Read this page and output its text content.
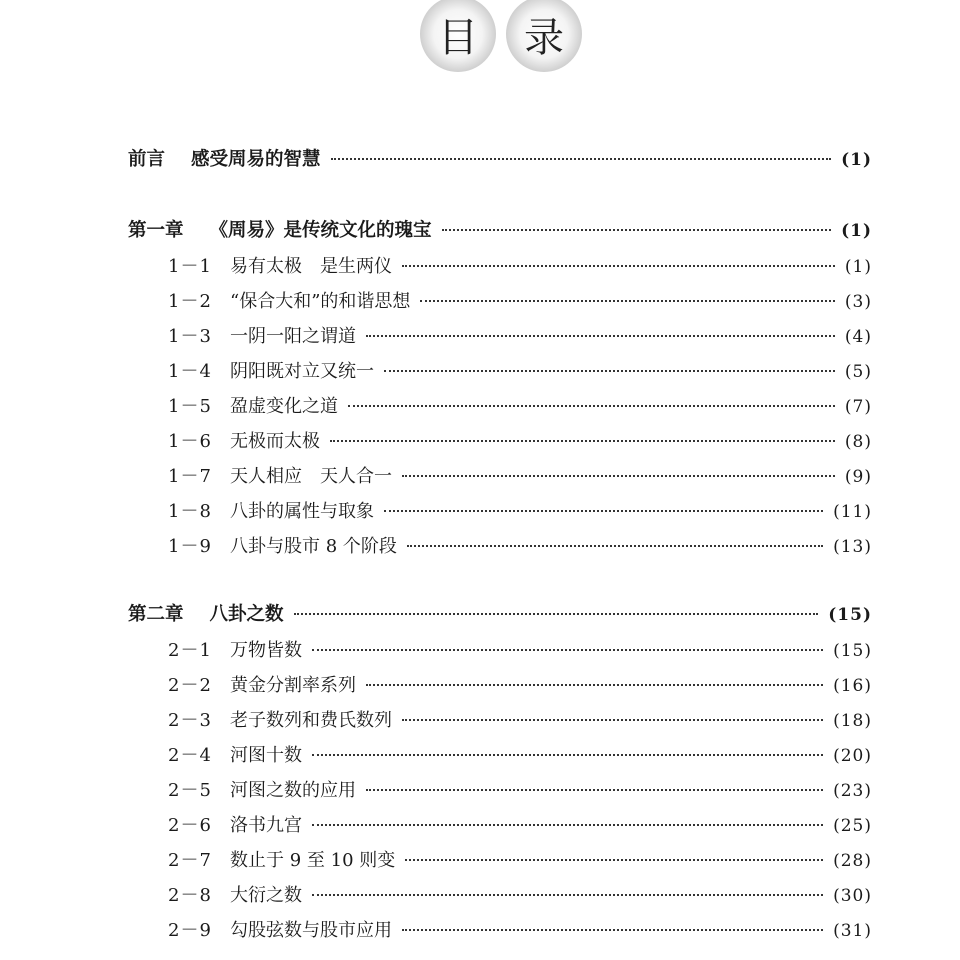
目	录
前言 感受周易的智慧	(1)
第一章 《周易》是传统文化的瑰宝	(1)
1－1	易有太极　是生两仪	(1)
1－2	“保合大和”的和谐思想	(3)
1－3	一阴一阳之谓道	(4)
1－4	阴阳既对立又统一	(5)
1－5	盈虚变化之道	(7)
1－6	无极而太极	(8)
1－7	天人相应　天人合一	(9)
1－8	八卦的属性与取象	(11)
1－9	八卦与股市 8 个阶段	(13)
第二章 八卦之数	(15)
2－1	万物皆数	(15)
2－2	黄金分割率系列	(16)
2－3	老子数列和费氏数列	(18)
2－4	河图十数	(20)
2－5	河图之数的应用	(23)
2－6	洛书九宫	(25)
2－7	数止于 9 至 10 则变	(28)
2－8	大衍之数	(30)
2－9	勾股弦数与股市应用	(31)
